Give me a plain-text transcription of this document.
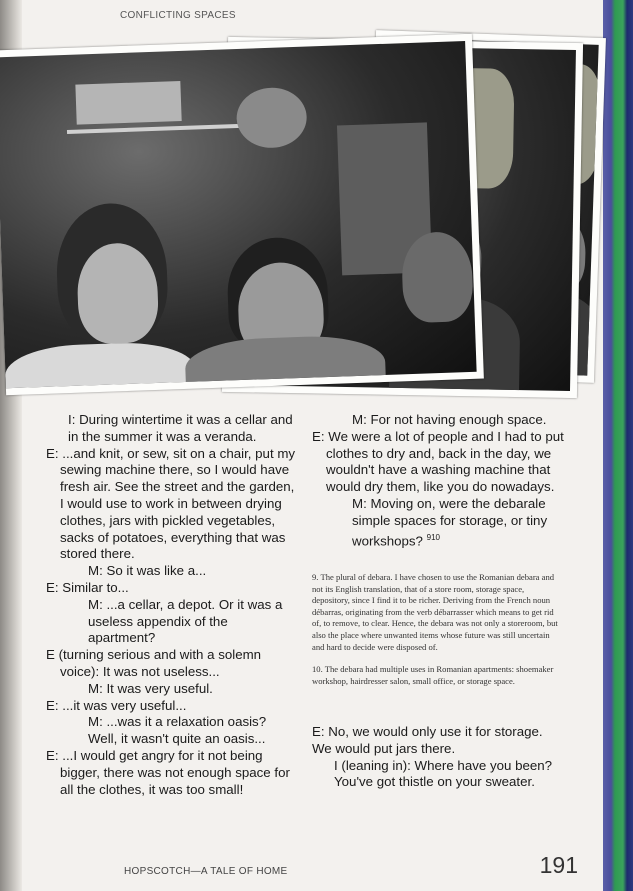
CONFLICTING SPACES

I: During wintertime it was a cellar and in the summer it was a veranda.

E: ...and knit, or sew, sit on a chair, put my sewing machine there, so I would have fresh air. See the street and the garden, I would use to work in between drying clothes, jars with pickled vegetables, sacks of potatoes, everything that was stored there.

M: So it was like a...

E: Similar to...

M: ...a cellar, a depot. Or it was a useless appendix of the apartment?

E (turning serious and with a solemn voice): It was not useless...

M: It was very useful.

E: ...it was very useful...

M: ...was it a relaxation oasis? Well, it wasn't quite an oasis...

E: ...I would get angry for it not being bigger, there was not enough space for all the clothes, it was too small!

M: For not having enough space.

E: We were a lot of people and I had to put clothes to dry and, back in the day, we wouldn't have a washing machine that would dry them, like you do nowadays.

M: Moving on, were the debarale simple spaces for storage, or tiny workshops? $^{910}$

9. The plural of debara. I have chosen to use the Romanian debara and not its English translation, that of a store room, storage space, depository, since I find it to be richer. Deriving from the French noun débarras, originating from the verb débarrasser which means to get rid of, to remove, to clear. Hence, the debara was not only a storeroom, but also the place where unwanted items whose future was still uncertain and hard to decide were disposed of.

10. The debara had multiple uses in Romanian apartments: shoemaker workshop, hairdresser salon, small office, or storage space.

E: No, we would only use it for storage. We would put jars there.

I (leaning in): Where have you been? You've got thistle on your sweater.

HOPSCOTCH—A TALE OF HOME	191
